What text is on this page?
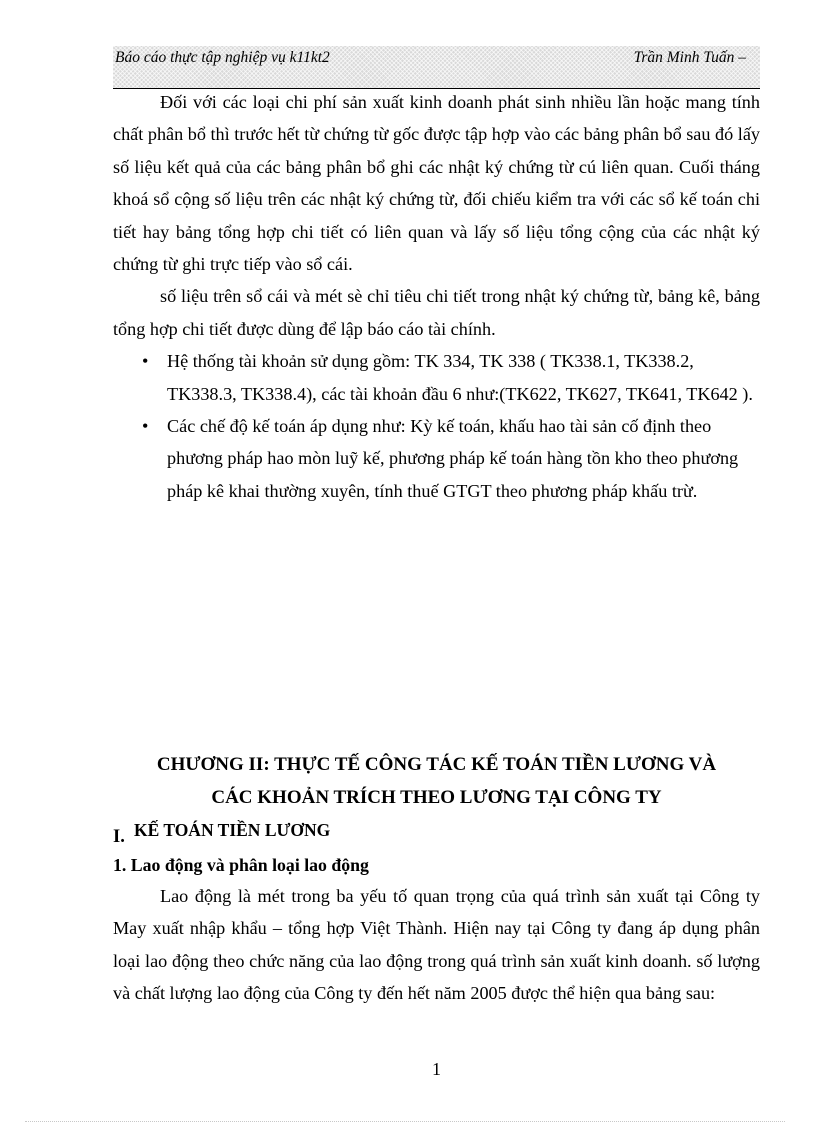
Báo cáo thực tập nghiệp vụ k11kt2	Trần Minh Tuấn –

Đối với các loại chi phí sản xuất kinh doanh phát sinh nhiều lần hoặc mang tính chất phân bổ thì trước hết từ chứng từ gốc được tập hợp vào các bảng phân bổ sau đó lấy số liệu kết quả của các bảng phân bổ ghi các nhật ký chứng từ cú liên quan. Cuối tháng khoá sổ cộng số liệu trên các nhật ký chứng từ, đối chiếu kiểm tra với các sổ kế toán chi tiết hay bảng tổng hợp chi tiết có liên quan và lấy số liệu tổng cộng của các nhật ký chứng từ ghi trực tiếp vào sổ cái.

số liệu trên sổ cái và mét sè chỉ tiêu chi tiết trong nhật ký chứng từ, bảng kê, bảng tổng hợp chi tiết được dùng để lập báo cáo tài chính.

• Hệ thống tài khoản sử dụng gồm: TK 334, TK 338 ( TK338.1, TK338.2, TK338.3, TK338.4), các tài khoản đầu 6 như:(TK622, TK627, TK641, TK642 ).
• Các chế độ kế toán áp dụng như: Kỳ kế toán, khấu hao tài sản cố định theo phương pháp hao mòn luỹ kế, phương pháp kế toán hàng tồn kho theo phương pháp kê khai thường xuyên, tính thuế GTGT theo phương pháp khấu trừ.
CHƯƠNG II: THỰC TẾ CÔNG TÁC KẾ TOÁN TIỀN LƯƠNG VÀ
CÁC KHOẢN TRÍCH THEO LƯƠNG TẠI CÔNG TY
I. KẾ TOÁN TIỀN LƯƠNG
1. Lao động và phân loại lao động

Lao động là mét trong ba yếu tố quan trọng của quá trình sản xuất tại Công ty May xuất nhập khẩu – tổng hợp Việt Thành. Hiện nay tại Công ty đang áp dụng phân loại lao động theo chức năng của lao động trong quá trình sản xuất kinh doanh. số lượng và chất lượng lao động của Công ty đến hết năm 2005 được thể hiện qua bảng sau:

1
